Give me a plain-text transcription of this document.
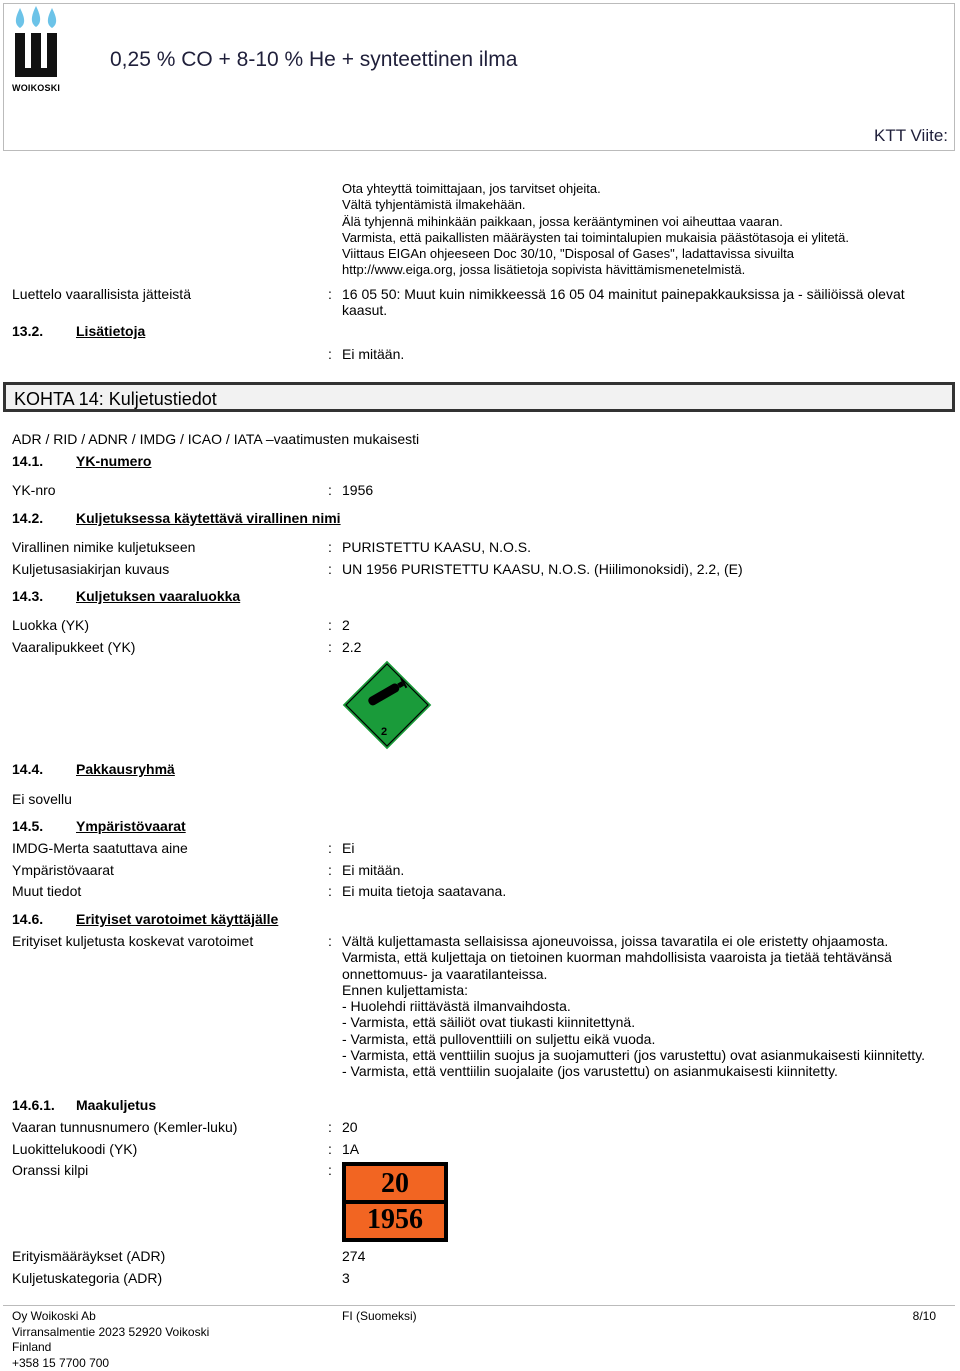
WOIKOSKI
0,25 % CO + 8-10 % He + synteettinen ilma
KTT Viite:
Ota yhteyttä toimittajaan, jos tarvitset ohjeita.
Vältä tyhjentämistä ilmakehään.
Älä tyhjennä mihinkään paikkaan, jossa kerääntyminen voi aiheuttaa vaaran.
Varmista, että paikallisten määräysten tai toimintalupien mukaisia päästötasoja ei ylitetä.
Viittaus EIGAn ohjeeseen Doc 30/10, "Disposal of Gases", ladattavissa sivuilta
http://www.eiga.org, jossa lisätietoja sopivista hävittämismenetelmistä.
Luettelo vaarallisista jätteistä	: 16 05 50: Muut kuin nimikkeessä 16 05 04 mainitut painepakkauksissa ja - säiliöissä olevat
kaasut.
13.2. Lisätietoja
: Ei mitään.
KOHTA 14: Kuljetustiedot
ADR / RID / ADNR / IMDG / ICAO / IATA –vaatimusten mukaisesti
14.1. YK-numero
YK-nro	: 1956
14.2. Kuljetuksessa käytettävä virallinen nimi
Virallinen nimike kuljetukseen	: PURISTETTU KAASU, N.O.S.
Kuljetusasiakirjan kuvaus	: UN 1956 PURISTETTU KAASU, N.O.S. (Hiilimonoksidi), 2.2, (E)
14.3. Kuljetuksen vaaraluokka
Luokka (YK)	: 2
Vaaralipukkeet (YK)	: 2.2
2
14.4. Pakkausryhmä
Ei sovellu
14.5. Ympäristövaarat
IMDG-Merta saatuttava aine	: Ei
Ympäristövaarat	: Ei mitään.
Muut tiedot	: Ei muita tietoja saatavana.
14.6. Erityiset varotoimet käyttäjälle
Erityiset kuljetusta koskevat varotoimet	: Vältä kuljettamasta sellaisissa ajoneuvoissa, joissa tavaratila ei ole eristetty ohjaamosta.
Varmista, että kuljettaja on tietoinen kuorman mahdollisista vaaroista ja tietää tehtävänsä
onnettomuus- ja vaaratilanteissa.
Ennen kuljettamista:
- Huolehdi riittävästä ilmanvaihdosta.
- Varmista, että säiliöt ovat tiukasti kiinnitettynä.
- Varmista, että pulloventtiili on suljettu eikä vuoda.
- Varmista, että venttiilin suojus ja suojamutteri (jos varustettu) ovat asianmukaisesti kiinnitetty.
- Varmista, että venttiilin suojalaite (jos varustettu) on asianmukaisesti kiinnitetty.
14.6.1. Maakuljetus
Vaaran tunnusnumero (Kemler-luku)	: 20
Luokittelukoodi (YK)	: 1A
Oranssi kilpi	:	20
1956
Erityismääräykset (ADR)	274
Kuljetuskategoria (ADR)	3
Oy Woikoski Ab
Virransalmentie 2023 52920 Voikoski
Finland
+358 15 7700 700
FI (Suomeksi)	8/10
